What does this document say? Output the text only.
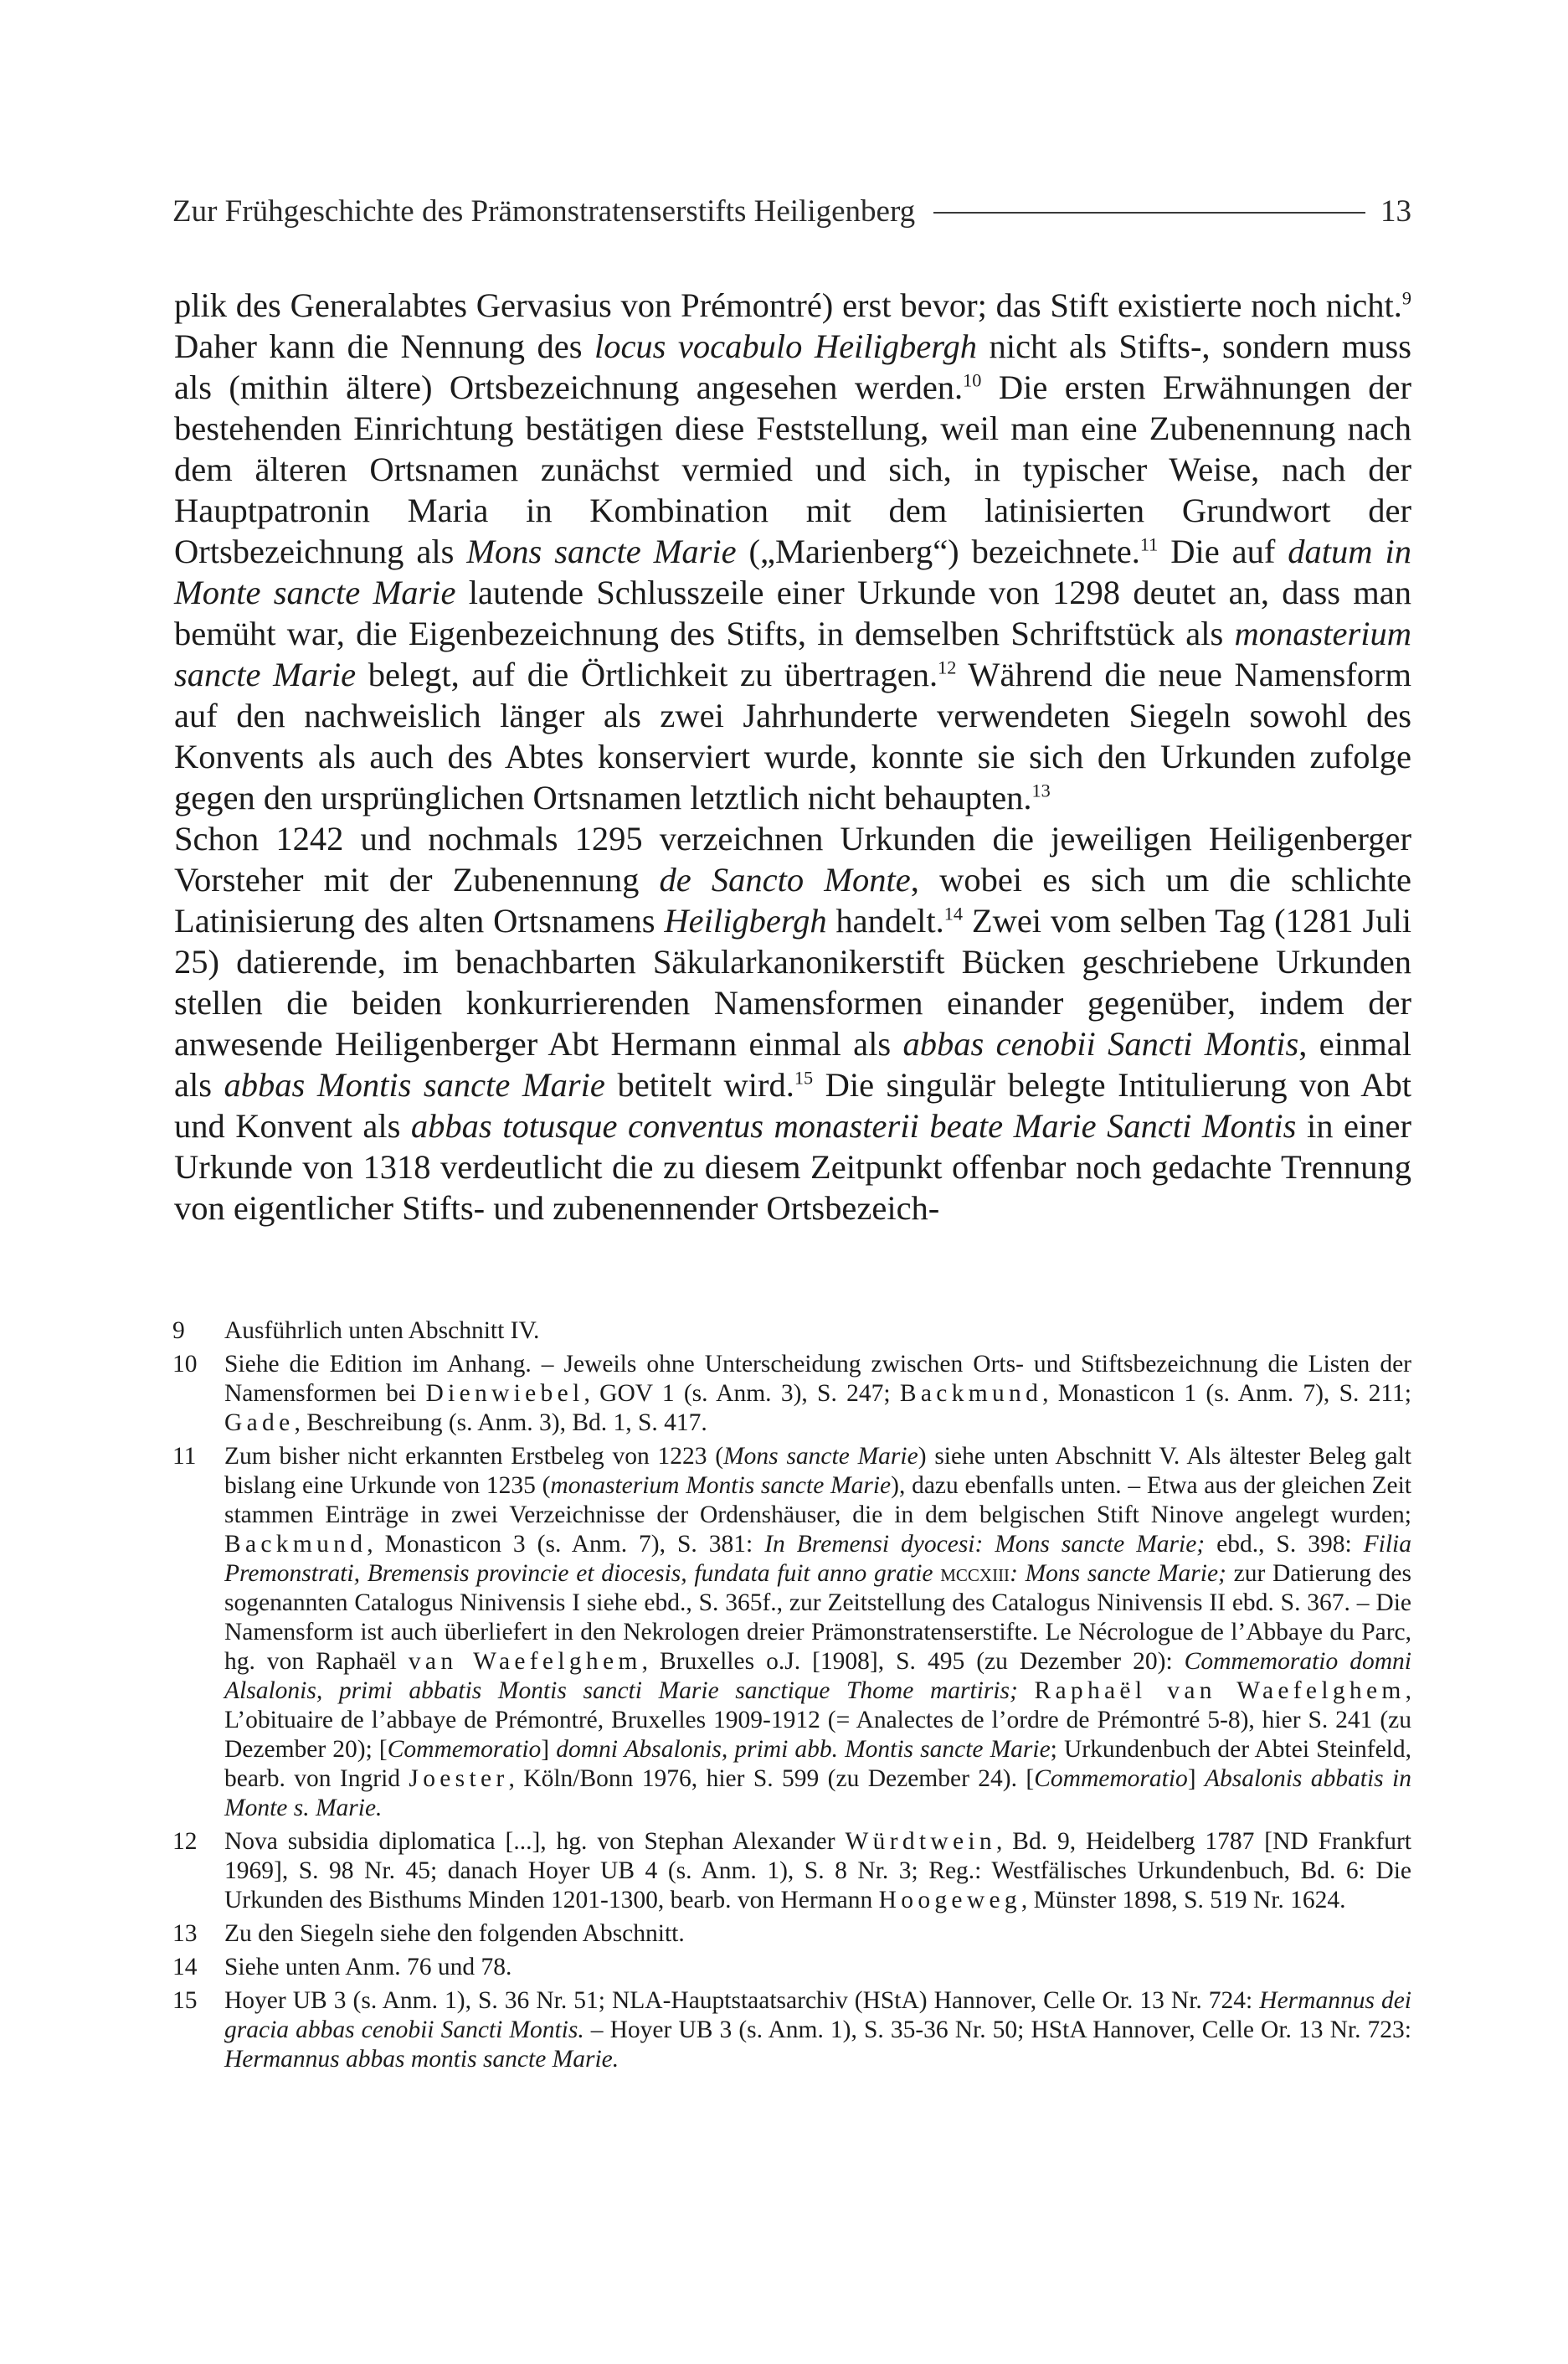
Zur Frühgeschichte des Prämonstratenserstifts Heiligenberg	13

plik des Generalabtes Gervasius von Prémontré) erst bevor; das Stift existierte noch nicht.$^9$ Daher kann die Nennung des locus vocabulo Heiligbergh nicht als Stifts-, sondern muss als (mithin ältere) Ortsbezeichnung angesehen werden.$^{10}$ Die ersten Erwähnungen der bestehenden Einrichtung bestätigen diese Feststellung, weil man eine Zubenennung nach dem älteren Ortsnamen zunächst vermied und sich, in typischer Weise, nach der Hauptpatronin Maria in Kombination mit dem latinisierten Grundwort der Ortsbezeichnung als Mons sancte Marie („Marienberg“) bezeichnete.$^{11}$ Die auf datum in Monte sancte Marie lautende Schlusszeile einer Urkunde von 1298 deutet an, dass man bemüht war, die Eigenbezeichnung des Stifts, in demselben Schriftstück als monasterium sancte Marie belegt, auf die Örtlichkeit zu übertragen.$^{12}$ Während die neue Namensform auf den nachweislich länger als zwei Jahrhunderte verwendeten Siegeln sowohl des Konvents als auch des Abtes konserviert wurde, konnte sie sich den Urkunden zufolge gegen den ursprünglichen Ortsnamen letztlich nicht behaupten.$^{13}$

Schon 1242 und nochmals 1295 verzeichnen Urkunden die jeweiligen Heiligenberger Vorsteher mit der Zubenennung de Sancto Monte, wobei es sich um die schlichte Latinisierung des alten Ortsnamens Heiligbergh handelt.$^{14}$ Zwei vom selben Tag (1281 Juli 25) datierende, im benachbarten Säkularkanonikerstift Bücken geschriebene Urkunden stellen die beiden konkurrierenden Namensformen einander gegenüber, indem der anwesende Heiligenberger Abt Hermann einmal als abbas cenobii Sancti Montis, einmal als abbas Montis sancte Marie betitelt wird.$^{15}$ Die singulär belegte Intitulierung von Abt und Konvent als abbas totusque conventus monasterii beate Marie Sancti Montis in einer Urkunde von 1318 verdeutlicht die zu diesem Zeitpunkt offenbar noch gedachte Trennung von eigentlicher Stifts- und zubenennender Ortsbezeich-

9	Ausführlich unten Abschnitt IV.
10	Siehe die Edition im Anhang. – Jeweils ohne Unterscheidung zwischen Orts- und Stiftsbezeichnung die Listen der Namensformen bei Dienwiebel, GOV 1 (s. Anm. 3), S. 247; Backmund, Monasticon 1 (s. Anm. 7), S. 211; Gade, Beschreibung (s. Anm. 3), Bd. 1, S. 417.
11	Zum bisher nicht erkannten Erstbeleg von 1223 (Mons sancte Marie) siehe unten Abschnitt V. Als ältester Beleg galt bislang eine Urkunde von 1235 (monasterium Montis sancte Marie), dazu ebenfalls unten. – Etwa aus der gleichen Zeit stammen Einträge in zwei Verzeichnisse der Ordenshäuser, die in dem belgischen Stift Ninove angelegt wurden; Backmund, Monasticon 3 (s. Anm. 7), S. 381: In Bremensi dyocesi: Mons sancte Marie; ebd., S. 398: Filia Premonstrati, Bremensis provincie et diocesis, fundata fuit anno gratie mccxiii: Mons sancte Marie; zur Datierung des sogenannten Catalogus Ninivensis I siehe ebd., S. 365f., zur Zeitstellung des Catalogus Ninivensis II ebd. S. 367. – Die Namensform ist auch überliefert in den Nekrologen dreier Prämonstratenserstifte. Le Nécrologue de l’Abbaye du Parc, hg. von Raphaël van Waefelghem, Bruxelles o.J. [1908], S. 495 (zu Dezember 20): Commemoratio domni Alsalonis, primi abbatis Montis sancti Marie sanctique Thome martiris; Raphaël van Waefelghem, L’obituaire de l’abbaye de Prémontré, Bruxelles 1909-1912 (= Analectes de l’ordre de Prémontré 5-8), hier S. 241 (zu Dezember 20); [Commemoratio] domni Absalonis, primi abb. Montis sancte Marie; Urkundenbuch der Abtei Steinfeld, bearb. von Ingrid Joester, Köln/Bonn 1976, hier S. 599 (zu Dezember 24). [Commemoratio] Absalonis abbatis in Monte s. Marie.
12	Nova subsidia diplomatica [...], hg. von Stephan Alexander Würdtwein, Bd. 9, Heidelberg 1787 [ND Frankfurt 1969], S. 98 Nr. 45; danach Hoyer UB 4 (s. Anm. 1), S. 8 Nr. 3; Reg.: Westfälisches Urkundenbuch, Bd. 6: Die Urkunden des Bisthums Minden 1201-1300, bearb. von Hermann Hoogeweg, Münster 1898, S. 519 Nr. 1624.
13	Zu den Siegeln siehe den folgenden Abschnitt.
14	Siehe unten Anm. 76 und 78.
15	Hoyer UB 3 (s. Anm. 1), S. 36 Nr. 51; NLA-Hauptstaatsarchiv (HStA) Hannover, Celle Or. 13 Nr. 724: Hermannus dei gracia abbas cenobii Sancti Montis. – Hoyer UB 3 (s. Anm. 1), S. 35-36 Nr. 50; HStA Hannover, Celle Or. 13 Nr. 723: Hermannus abbas montis sancte Marie.
